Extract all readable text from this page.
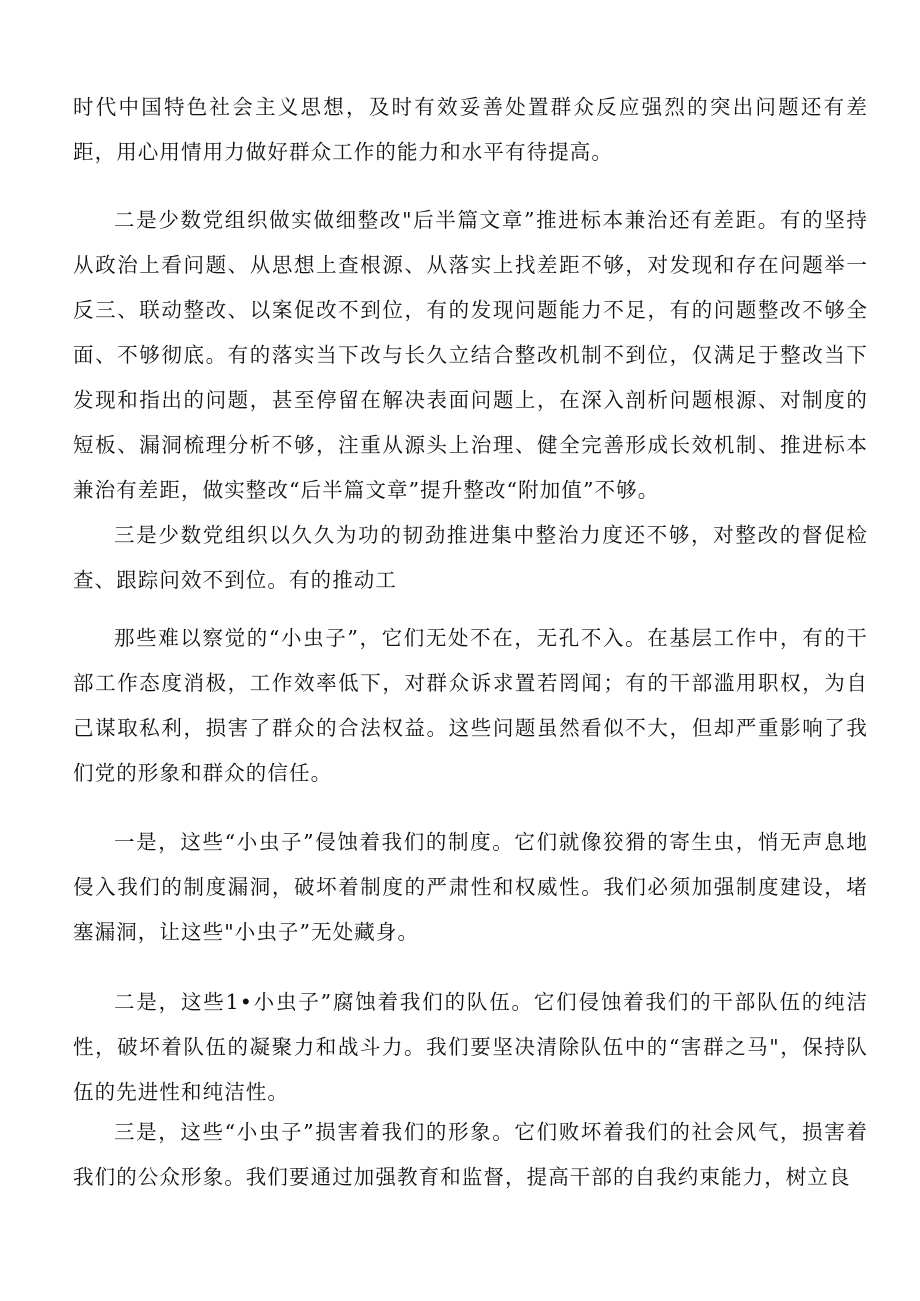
时代中国特色社会主义思想，及时有效妥善处置群众反应强烈的突出问题还有差距，用心用情用力做好群众工作的能力和水平有待提高。

二是少数党组织做实做细整改"后半篇文章”推进标本兼治还有差距。有的坚持从政治上看问题、从思想上查根源、从落实上找差距不够，对发现和存在问题举一反三、联动整改、以案促改不到位，有的发现问题能力不足，有的问题整改不够全面、不够彻底。有的落实当下改与长久立结合整改机制不到位，仅满足于整改当下发现和指出的问题，甚至停留在解决表面问题上，在深入剖析问题根源、对制度的短板、漏洞梳理分析不够，注重从源头上治理、健全完善形成长效机制、推进标本兼治有差距，做实整改“后半篇文章”提升整改“附加值”不够。

三是少数党组织以久久为功的韧劲推进集中整治力度还不够，对整改的督促检查、跟踪问效不到位。有的推动工

那些难以察觉的“小虫子”，它们无处不在，无孔不入。在基层工作中，有的干部工作态度消极，工作效率低下，对群众诉求置若罔闻；有的干部滥用职权，为自己谋取私利，损害了群众的合法权益。这些问题虽然看似不大，但却严重影响了我们党的形象和群众的信任。

一是，这些“小虫子”侵蚀着我们的制度。它们就像狡猾的寄生虫，悄无声息地侵入我们的制度漏洞，破坏着制度的严肃性和权威性。我们必须加强制度建设，堵塞漏洞，让这些"小虫子”无处藏身。

二是，这些1•小虫子”腐蚀着我们的队伍。它们侵蚀着我们的干部队伍的纯洁性，破坏着队伍的凝聚力和战斗力。我们要坚决清除队伍中的“害群之马"，保持队伍的先进性和纯洁性。

三是，这些“小虫子”损害着我们的形象。它们败坏着我们的社会风气，损害着我们的公众形象。我们要通过加强教育和监督，提高干部的自我约束能力，树立良
